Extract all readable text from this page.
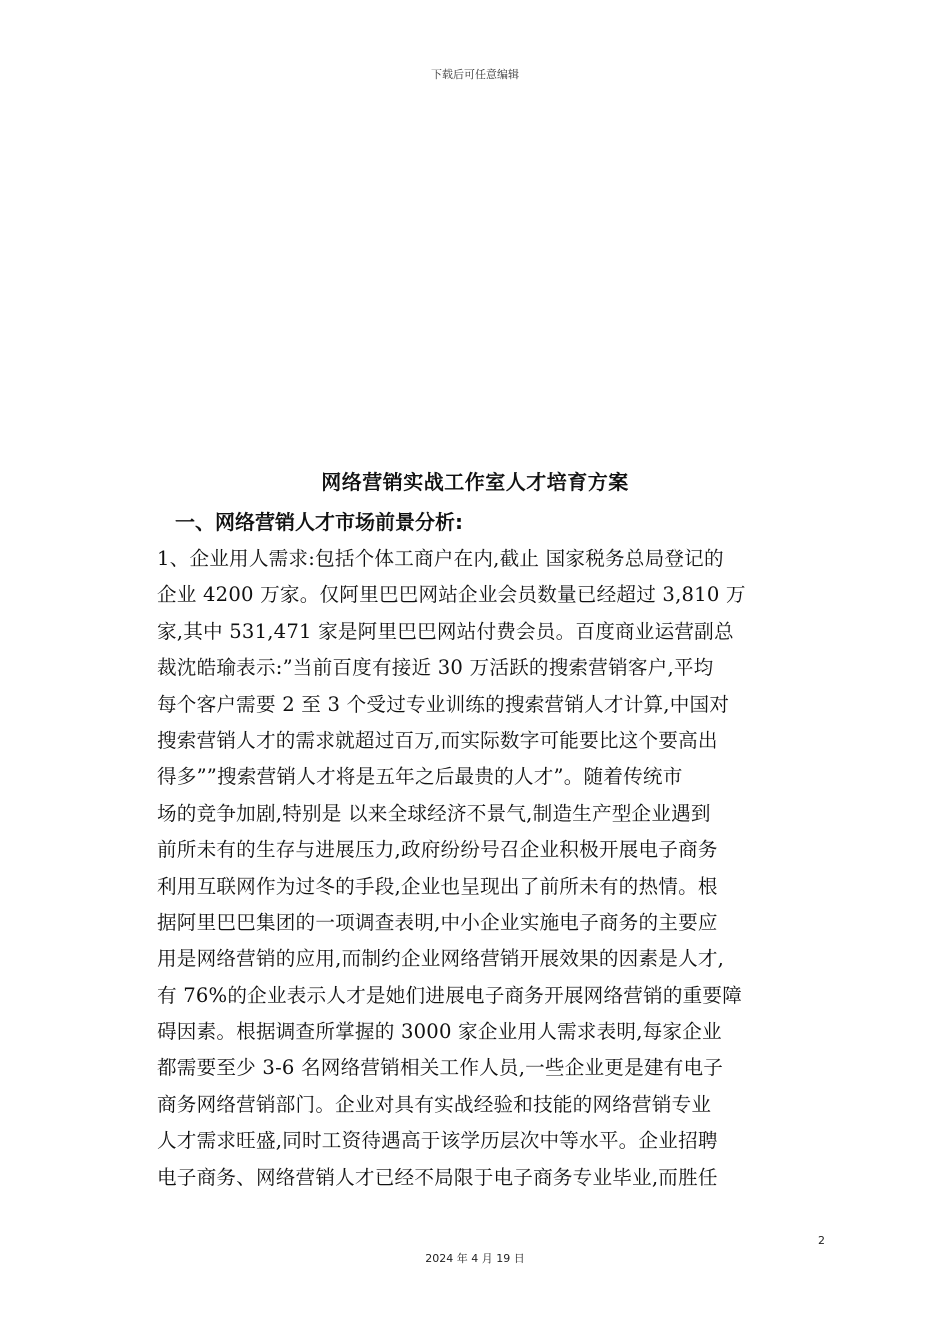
下载后可任意编辑
网络营销实战工作室人才培育方案
一、网络营销人才市场前景分析:
1、企业用人需求:包括个体工商户在内,截止 国家税务总局登记的
企业 4200 万家。仅阿里巴巴网站企业会员数量已经超过 3,810 万
家,其中 531,471 家是阿里巴巴网站付费会员。百度商业运营副总
裁沈皓瑜表示:”当前百度有接近 30 万活跃的搜索营销客户,平均
每个客户需要 2 至 3 个受过专业训练的搜索营销人才计算,中国对
搜索营销人才的需求就超过百万,而实际数字可能要比这个要高出
得多””搜索营销人才将是五年之后最贵的人才”。随着传统市
场的竞争加剧,特别是 以来全球经济不景气,制造生产型企业遇到
前所未有的生存与进展压力,政府纷纷号召企业积极开展电子商务
利用互联网作为过冬的手段,企业也呈现出了前所未有的热情。根
据阿里巴巴集团的一项调查表明,中小企业实施电子商务的主要应
用是网络营销的应用,而制约企业网络营销开展效果的因素是人才,
有 76%的企业表示人才是她们进展电子商务开展网络营销的重要障
碍因素。根据调查所掌握的 3000 家企业用人需求表明,每家企业
都需要至少 3-6 名网络营销相关工作人员,一些企业更是建有电子
商务网络营销部门。企业对具有实战经验和技能的网络营销专业
人才需求旺盛,同时工资待遇高于该学历层次中等水平。企业招聘
电子商务、网络营销人才已经不局限于电子商务专业毕业,而胜任
2
2024 年 4 月 19 日
